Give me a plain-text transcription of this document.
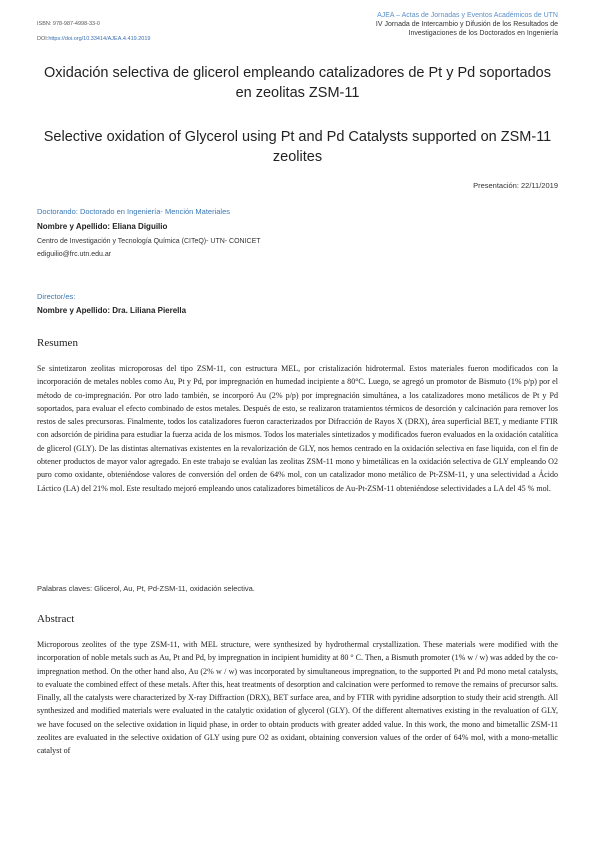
ISBN: 978-987-4998-33-0
DOI:https://doi.org/10.33414/AJEA.4.419.2019
AJEA – Actas de Jornadas y Eventos Académicos de UTN
IV Jornada de Intercambio y Difusión de los Resultados de
Investigaciones de los Doctorados en Ingeniería
Oxidación selectiva de glicerol empleando catalizadores de Pt y Pd soportados en zeolitas ZSM-11
Selective oxidation of Glycerol using Pt and Pd Catalysts supported on ZSM-11 zeolites
Presentación: 22/11/2019
Doctorando: Doctorado en Ingeniería- Mención Materiales
Nombre y Apellido: Eliana Diguilio
Centro de Investigación y Tecnología Química (CITeQ)- UTN- CONICET
ediguilio@frc.utn.edu.ar
Director/es:
Nombre y Apellido: Dra. Liliana Pierella
Resumen

Se sintetizaron zeolitas microporosas del tipo ZSM-11, con estructura MEL, por cristalización hidrotermal. Estos materiales fueron modificados con la incorporación de metales nobles como Au, Pt y Pd, por impregnación en humedad incipiente a 80°C. Luego, se agregó un promotor de Bismuto (1% p/p) por el método de co-impregnación. Por otro lado también, se incorporó Au (2% p/p) por impregnación simultánea, a los catalizadores mono metálicos de Pt y Pd soportados, para evaluar el efecto combinado de estos metales. Después de esto, se realizaron tratamientos térmicos de desorción y calcinación para remover los restos de sales precursoras. Finalmente, todos los catalizadores fueron caracterizados por Difracción de Rayos X (DRX), área superficial BET, y mediante FTIR con adsorción de piridina para estudiar la fuerza acida de los mismos. Todos los materiales sintetizados y modificados fueron evaluados en la oxidación catalítica de glicerol (GLY). De las distintas alternativas existentes en la revalorización de GLY, nos hemos centrado en la oxidación selectiva en fase liquida, con el fin de obtener productos de mayor valor agregado. En este trabajo se evalúan las zeolitas ZSM-11 mono y bimetálicas en la oxidación selectiva de GLY empleando O2 puro como oxidante, obteniéndose valores de conversión del orden de 64% mol, con un catalizador mono metálico de Pt-ZSM-11, y una selectividad a Ácido Láctico (LA) del 21% mol. Este resultado mejoró empleando unos catalizadores bimetálicos de Au-Pt-ZSM-11 obteniéndose selectividades a LA del 45 % mol.

Palabras claves: Glicerol, Au, Pt, Pd-ZSM-11, oxidación selectiva.
Abstract

Microporous zeolites of the type ZSM-11, with MEL structure, were synthesized by hydrothermal crystallization. These materials were modified with the incorporation of noble metals such as Au, Pt and Pd, by impregnation in incipient humidity at 80 ° C. Then, a Bismuth promoter (1% w / w) was added by the co-impregnation method. On the other hand also, Au (2% w / w) was incorporated by simultaneous impregnation, to the supported Pt and Pd mono metal catalysts, to evaluate the combined effect of these metals. After this, heat treatments of desorption and calcination were performed to remove the remains of precursor salts. Finally, all the catalysts were characterized by X-ray Diffraction (DRX), BET surface area, and by FTIR with pyridine adsorption to study their acid strength. All synthesized and modified materials were evaluated in the catalytic oxidation of glycerol (GLY). Of the different alternatives existing in the revaluation of GLY, we have focused on the selective oxidation in liquid phase, in order to obtain products with greater added value. In this work, the mono and bimetallic ZSM-11 zeolites are evaluated in the selective oxidation of GLY using pure O2 as oxidant, obtaining conversion values of the order of 64% mol, with a mono-metallic catalyst of
